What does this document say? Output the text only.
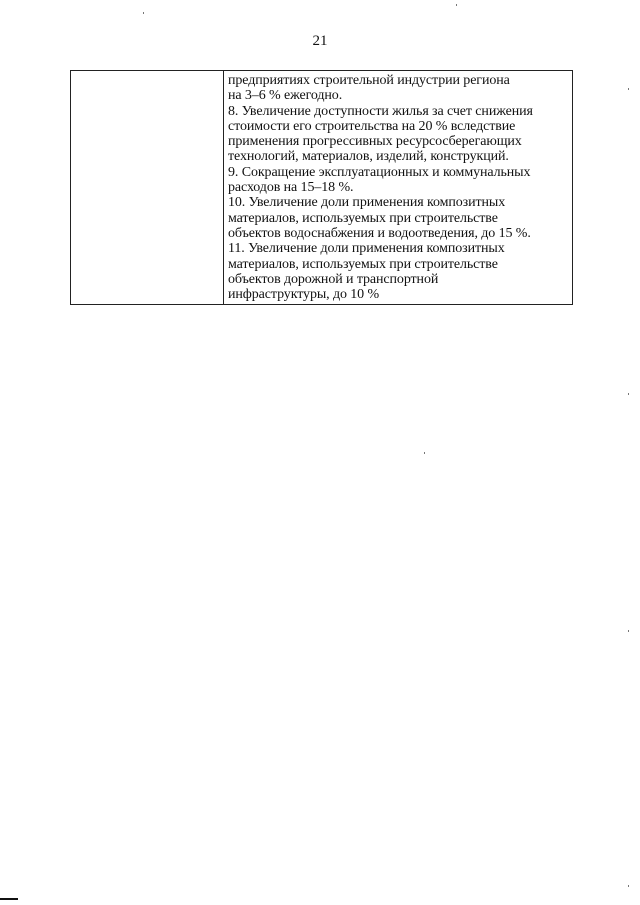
21

предприятиях строительной индустрии региона
на 3–6 % ежегодно.
8. Увеличение доступности жилья за счет снижения
стоимости его строительства на 20 % вследствие
применения прогрессивных ресурсосберегающих
технологий, материалов, изделий, конструкций.
9. Сокращение эксплуатационных и коммунальных
расходов на 15–18 %.
10. Увеличение доли применения композитных
материалов, используемых при строительстве
объектов водоснабжения и водоотведения, до 15 %.
11. Увеличение доли применения композитных
материалов, используемых при строительстве
объектов дорожной и транспортной
инфраструктуры, до 10 %
